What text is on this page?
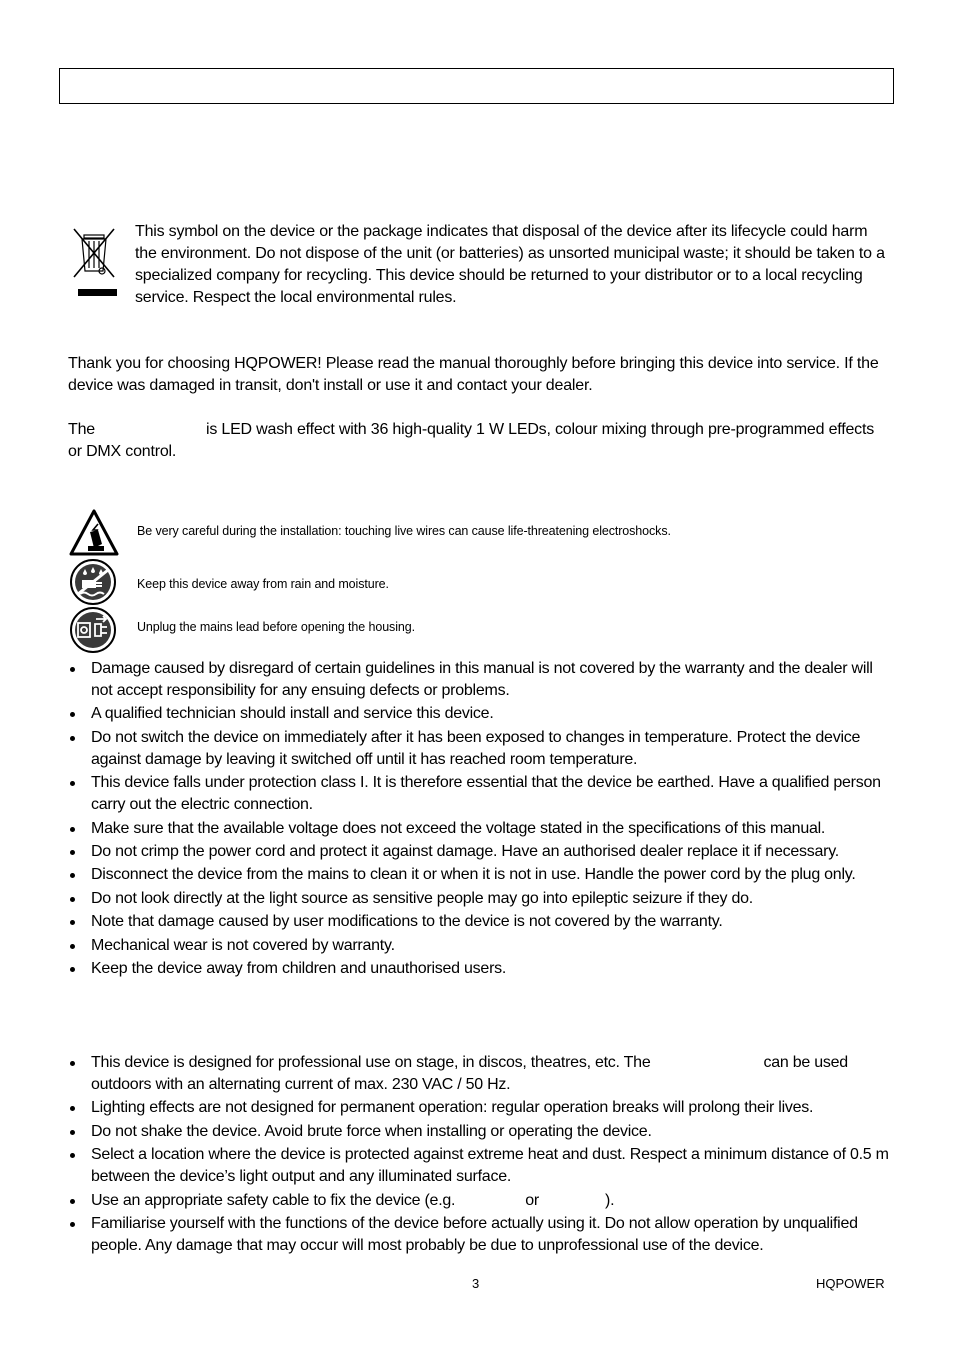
This symbol on the device or the package indicates that disposal of the device after its lifecycle could harm the environment. Do not dispose of the unit (or batteries) as unsorted municipal waste; it should be taken to a specialized company for recycling. This device should be returned to your distributor or to a local recycling service. Respect the local environmental rules.
Thank you for choosing HQPOWER! Please read the manual thoroughly before bringing this device into service. If the device was damaged in transit, don't install or use it and contact your dealer.
The	is LED wash effect with 36 high-quality 1 W LEDs, colour mixing through pre-programmed effects or DMX control.
Be very careful during the installation: touching live wires can cause life-threatening electroshocks.
Keep this device away from rain and moisture.
Unplug the mains lead before opening the housing.
Damage caused by disregard of certain guidelines in this manual is not covered by the warranty and the dealer will not accept responsibility for any ensuing defects or problems.
A qualified technician should install and service this device.
Do not switch the device on immediately after it has been exposed to changes in temperature. Protect the device against damage by leaving it switched off until it has reached room temperature.
This device falls under protection class I. It is therefore essential that the device be earthed. Have a qualified person carry out the electric connection.
Make sure that the available voltage does not exceed the voltage stated in the specifications of this manual.
Do not crimp the power cord and protect it against damage. Have an authorised dealer replace it if necessary.
Disconnect the device from the mains to clean it or when it is not in use. Handle the power cord by the plug only.
Do not look directly at the light source as sensitive people may go into epileptic seizure if they do.
Note that damage caused by user modifications to the device is not covered by the warranty.
Mechanical wear is not covered by warranty.
Keep the device away from children and unauthorised users.
This device is designed for professional use on stage, in discos, theatres, etc. The	can be used outdoors with an alternating current of max. 230 VAC / 50 Hz.
Lighting effects are not designed for permanent operation: regular operation breaks will prolong their lives.
Do not shake the device. Avoid brute force when installing or operating the device.
Select a location where the device is protected against extreme heat and dust. Respect a minimum distance of 0.5 m between the device’s light output and any illuminated surface.
Use an appropriate safety cable to fix the device (e.g.	or	).
Familiarise yourself with the functions of the device before actually using it. Do not allow operation by unqualified people. Any damage that may occur will most probably be due to unprofessional use of the device.
3	HQPOWER
